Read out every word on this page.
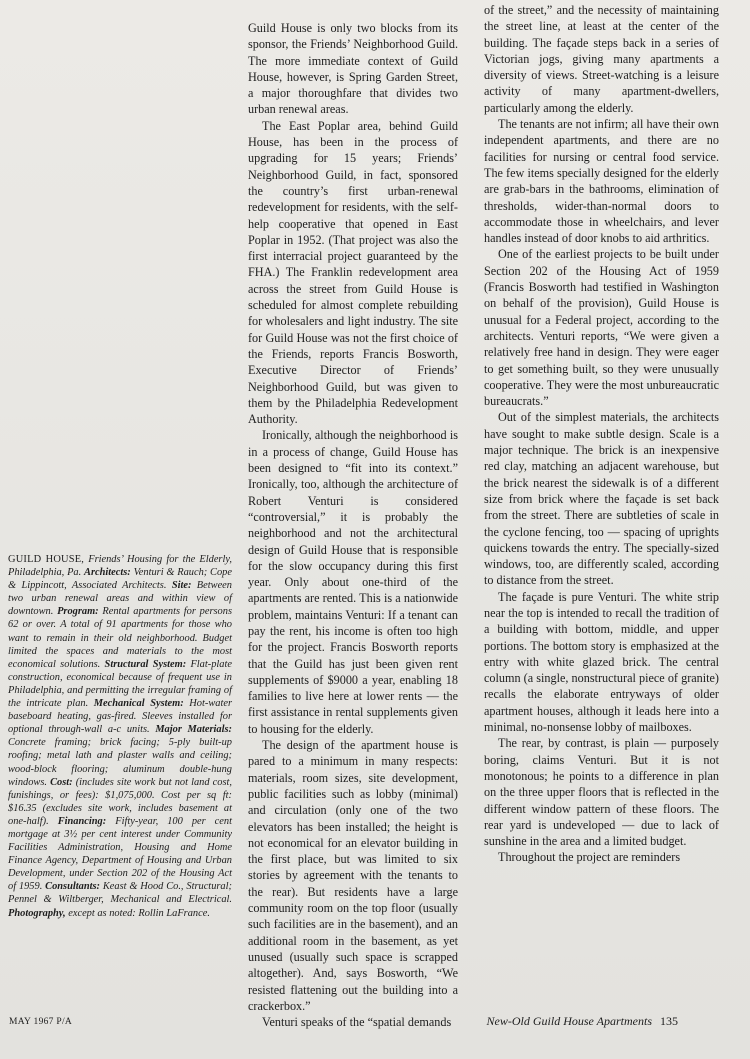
GUILD HOUSE, Friends’ Housing for the Elderly, Philadelphia, Pa. Architects: Venturi & Rauch; Cope & Lippincott, Associated Architects. Site: Between two urban renewal areas and within view of downtown. Program: Rental apartments for persons 62 or over. A total of 91 apartments for those who want to remain in their old neighborhood. Budget limited the spaces and materials to the most economical solutions. Structural System: Flat-plate construction, economical because of frequent use in Philadelphia, and permitting the irregular framing of the intricate plan. Mechanical System: Hot-water baseboard heating, gas-fired. Sleeves installed for optional through-wall a-c units. Major Materials: Concrete framing; brick facing; 5-ply built-up roofing; metal lath and plaster walls and ceiling; wood-block flooring; aluminum double-hung windows. Cost: (includes site work but not land cost, funishings, or fees): $1,075,000. Cost per sq ft: $16.35 (excludes site work, includes basement at one-half). Financing: Fifty-year, 100 per cent mortgage at 3½ per cent interest under Community Facilities Administration, Housing and Home Finance Agency, Department of Housing and Urban Development, under Section 202 of the Housing Act of 1959. Consultants: Keast & Hood Co., Structural; Pennel & Wiltberger, Mechanical and Electrical. Photography, except as noted: Rollin LaFrance.

Guild House is only two blocks from its sponsor, the Friends’ Neighborhood Guild. The more immediate context of Guild House, however, is Spring Garden Street, a major thoroughfare that divides two urban renewal areas.

The East Poplar area, behind Guild House, has been in the process of upgrading for 15 years; Friends’ Neighborhood Guild, in fact, sponsored the country’s first urban-renewal redevelopment for residents, with the self-help cooperative that opened in East Poplar in 1952. (That project was also the first interracial project guaranteed by the FHA.) The Franklin redevelopment area across the street from Guild House is scheduled for almost complete rebuilding for wholesalers and light industry. The site for Guild House was not the first choice of the Friends, reports Francis Bosworth, Executive Director of Friends’ Neighborhood Guild, but was given to them by the Philadelphia Redevelopment Authority.

Ironically, although the neighborhood is in a process of change, Guild House has been designed to “fit into its context.” Ironically, too, although the architecture of Robert Venturi is considered “controversial,” it is probably the neighborhood and not the architectural design of Guild House that is responsible for the slow occupancy during this first year. Only about one-third of the apartments are rented. This is a nationwide problem, maintains Venturi: If a tenant can pay the rent, his income is often too high for the project. Francis Bosworth reports that the Guild has just been given rent supplements of $9000 a year, enabling 18 families to live here at lower rents — the first assistance in rental supplements given to housing for the elderly.

The design of the apartment house is pared to a minimum in many respects: materials, room sizes, site development, public facilities such as lobby (minimal) and circulation (only one of the two elevators has been installed; the height is not economical for an elevator building in the first place, but was limited to six stories by agreement with the tenants to the rear). But residents have a large community room on the top floor (usually such facilities are in the basement), and an additional room in the basement, as yet unused (usually such space is scrapped altogether). And, says Bosworth, “We resisted flattening out the building into a crackerbox.”

Venturi speaks of the “spatial demands

of the street,” and the necessity of maintaining the street line, at least at the center of the building. The façade steps back in a series of Victorian jogs, giving many apartments a diversity of views. Street-watching is a leisure activity of many apartment-dwellers, particularly among the elderly.

The tenants are not infirm; all have their own independent apartments, and there are no facilities for nursing or central food service. The few items specially designed for the elderly are grab-bars in the bathrooms, elimination of thresholds, wider-than-normal doors to accommodate those in wheelchairs, and lever handles instead of door knobs to aid arthritics.

One of the earliest projects to be built under Section 202 of the Housing Act of 1959 (Francis Bosworth had testified in Washington on behalf of the provision), Guild House is unusual for a Federal project, according to the architects. Venturi reports, “We were given a relatively free hand in design. They were eager to get something built, so they were unusually cooperative. They were the most unbureaucratic bureaucrats.”

Out of the simplest materials, the architects have sought to make subtle design. Scale is a major technique. The brick is an inexpensive red clay, matching an adjacent warehouse, but the brick nearest the sidewalk is of a different size from brick where the façade is set back from the street. There are subtleties of scale in the cyclone fencing, too — spacing of uprights quickens towards the entry. The specially-sized windows, too, are differently scaled, according to distance from the street.

The façade is pure Venturi. The white strip near the top is intended to recall the tradition of a building with bottom, middle, and upper portions. The bottom story is emphasized at the entry with white glazed brick. The central column (a single, nonstructural piece of granite) recalls the elaborate entryways of older apartment houses, although it leads here into a minimal, no-nonsense lobby of mailboxes.

The rear, by contrast, is plain — purposely boring, claims Venturi. But it is not monotonous; he points to a difference in plan on the three upper floors that is reflected in the different window pattern of these floors. The rear yard is undeveloped — due to lack of sunshine in the area and a limited budget.

Throughout the project are reminders

MAY 1967 P/A	New-Old Guild House Apartments 135
